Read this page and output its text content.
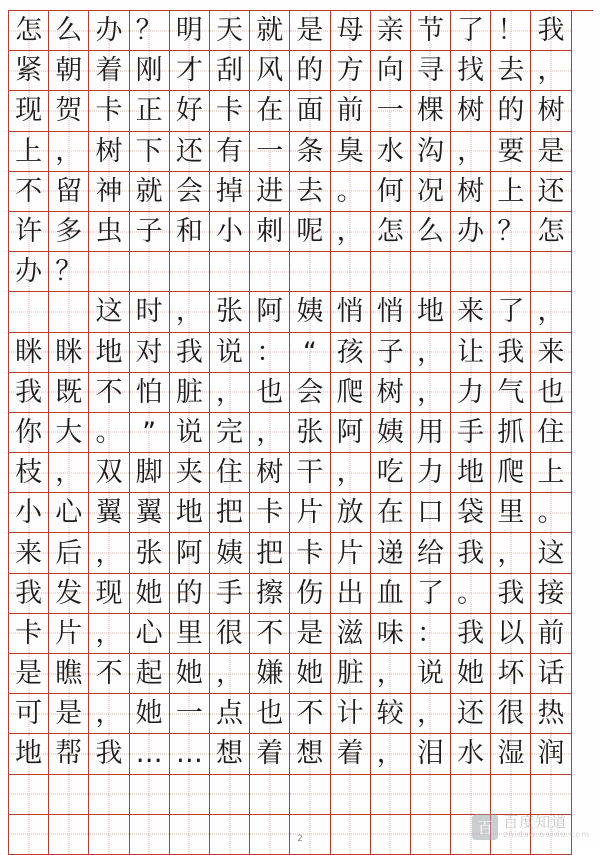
怎 么 办 ？ 明 天 就 是 母 亲 节 了 ！ 我
紧 朝 着 刚 才 刮 风 的 方 向 寻 找 去 ，
现 贺 卡 正 好 卡 在 面 前 一 棵 树 的 树
上 ， 树 下 还 有 一 条 臭 水 沟 ， 要 是
不 留 神 就 会 掉 进 去 。 何 况 树 上 还
许 多 虫 子 和 小 刺 呢 ， 怎 么 办 ？ 怎
办 ？
这 时 ， 张 阿 姨 悄 悄 地 来 了 ，
眯 眯 地 对 我 说 ： “ 孩 子 ， 让 我 来
我 既 不 怕 脏 ， 也 会 爬 树 ， 力 气 也
你 大 。 ” 说 完 ， 张 阿 姨 用 手 抓 住
枝 ， 双 脚 夹 住 树 干 ， 吃 力 地 爬 上
小 心 翼 翼 地 把 卡 片 放 在 口 袋 里 。
来 后 ， 张 阿 姨 把 卡 片 递 给 我 ， 这
我 发 现 她 的 手 擦 伤 出 血 了 。 我 接
卡 片 ， 心 里 很 不 是 滋 味 ： 我 以 前
是 瞧 不 起 她 ， 嫌 她 脏 ， 说 她 坏 话
可 是 ， 她 一 点 也 不 计 较 ， 还 很 热
地 帮 我 … … 想 着 想 着 ， 泪 水 湿 润
2
百 百度知道
zhidao.baidu.com
